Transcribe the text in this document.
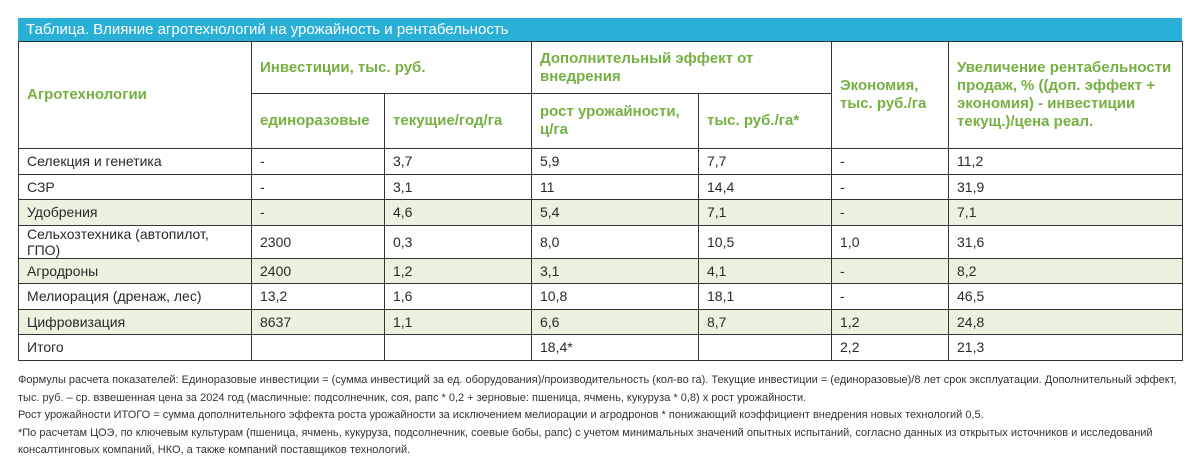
Таблица. Влияние агротехнологий на урожайность и рентабельность
Агротехнологии	Инвестиции, тыс. руб.		Дополнительный эффект от внедрения		Экономия, тыс. руб./га	Увеличение рентабельности продаж, % ((доп. эффект + экономия) - инвестиции текущ.)/цена реал.
	единоразовые	текущие/год/га	рост урожайности, ц/га	тыс. руб./га*		
Селекция и генетика	-	3,7	5,9	7,7	-	11,2
СЗР	-	3,1	11	14,4	-	31,9
Удобрения	-	4,6	5,4	7,1	-	7,1
Сельхозтехника (автопилот, ГПО)	2300	0,3	8,0	10,5	1,0	31,6
Агродроны	2400	1,2	3,1	4,1	-	8,2
Мелиорация (дренаж, лес)	13,2	1,6	10,8	18,1	-	46,5
Цифровизация	8637	1,1	6,6	8,7	1,2	24,8
Итого			18,4*		2,2	21,3

Формулы расчета показателей: Единоразовые инвестиции = (сумма инвестиций за ед. оборудования)/производительность (кол-во га). Текущие инвестиции = (единоразовые)/8 лет срок эксплуатации. Дополнительный эффект, тыс. руб. – ср. взвешенная цена за 2024 год (масличные: подсолнечник, соя, рапс * 0,2 + зерновые: пшеница, ячмень, кукуруза * 0,8) х рост урожайности.

Рост урожайности ИТОГО = сумма дополнительного эффекта роста урожайности за исключением мелиорации и агродронов * понижающий коэффициент внедрения новых технологий 0,5.

*По расчетам ЦОЭ, по ключевым культурам (пшеница, ячмень, кукуруза, подсолнечник, соевые бобы, рапс) с учетом минимальных значений опытных испытаний, согласно данных из открытых источников и исследований консалтинговых компаний, НКО, а также компаний поставщиков технологий.
